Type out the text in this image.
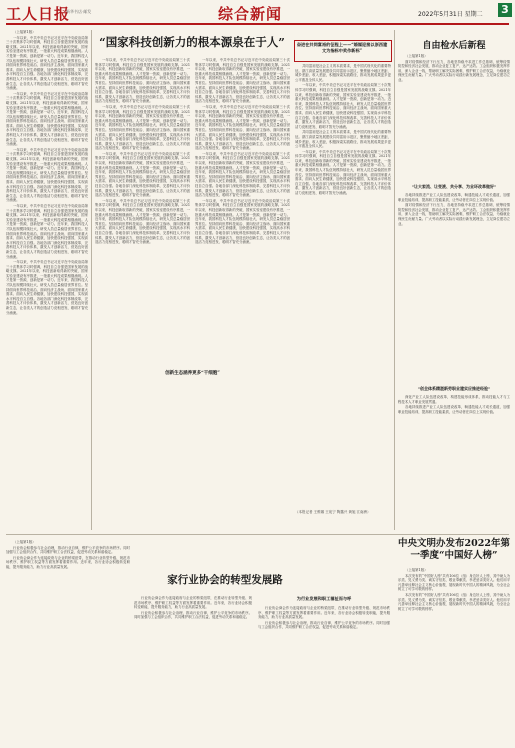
工人日报
新华书店·邮发	综合新闻	2022年5月31日 星期二 3

（上接第1版）

一年以来，中共中央总书记习近平在中央政治局第三十次集体学习时强调，科技自立自强是国家发展的战略支撑。2021年以来，科技创新取得新的突破，国家实验室建设有序推进，一批重大科技成果相继涌现。人才是第一资源，创新是第一动力。近年来，我国科技人才队伍规模持续壮大，研发人员总量稳居世界首位。坚持面向世界科技前沿、面向经济主战场、面向国家重大需求、面向人民生命健康，加快建设科技强国，实现高水平科技自立自强。各地各部门深化科技体制改革，完善科技人才评价体系，激发人才创新活力，营造良好创新生态，让各类人才的创造活力竞相迸发、聪明才智充分涌流。

一年以来，中共中央总书记习近平在中央政治局第三十次集体学习时强调，科技自立自强是国家发展的战略支撑。2021年以来，科技创新取得新的突破，国家实验室建设有序推进，一批重大科技成果相继涌现。人才是第一资源，创新是第一动力。近年来，我国科技人才队伍规模持续壮大，研发人员总量稳居世界首位。坚持面向世界科技前沿、面向经济主战场、面向国家重大需求、面向人民生命健康，加快建设科技强国，实现高水平科技自立自强。各地各部门深化科技体制改革，完善科技人才评价体系，激发人才创新活力，营造良好创新生态，让各类人才的创造活力竞相迸发、聪明才智充分涌流。

一年以来，中共中央总书记习近平在中央政治局第三十次集体学习时强调，科技自立自强是国家发展的战略支撑。2021年以来，科技创新取得新的突破，国家实验室建设有序推进，一批重大科技成果相继涌现。人才是第一资源，创新是第一动力。近年来，我国科技人才队伍规模持续壮大，研发人员总量稳居世界首位。坚持面向世界科技前沿、面向经济主战场、面向国家重大需求、面向人民生命健康，加快建设科技强国，实现高水平科技自立自强。各地各部门深化科技体制改革，完善科技人才评价体系，激发人才创新活力，营造良好创新生态，让各类人才的创造活力竞相迸发、聪明才智充分涌流。

一年以来，中共中央总书记习近平在中央政治局第三十次集体学习时强调，科技自立自强是国家发展的战略支撑。2021年以来，科技创新取得新的突破，国家实验室建设有序推进，一批重大科技成果相继涌现。人才是第一资源，创新是第一动力。近年来，我国科技人才队伍规模持续壮大，研发人员总量稳居世界首位。坚持面向世界科技前沿、面向经济主战场、面向国家重大需求、面向人民生命健康，加快建设科技强国，实现高水平科技自立自强。各地各部门深化科技体制改革，完善科技人才评价体系，激发人才创新活力，营造良好创新生态，让各类人才的创造活力竞相迸发、聪明才智充分涌流。

一年以来，中共中央总书记习近平在中央政治局第三十次集体学习时强调，科技自立自强是国家发展的战略支撑。2021年以来，科技创新取得新的突破，国家实验室建设有序推进，一批重大科技成果相继涌现。人才是第一资源，创新是第一动力。近年来，我国科技人才队伍规模持续壮大，研发人员总量稳居世界首位。坚持面向世界科技前沿、面向经济主战场、面向国家重大需求、面向人民生命健康，加快建设科技强国，实现高水平科技自立自强。各地各部门深化科技体制改革，完善科技人才评价体系，激发人才创新活力，营造良好创新生态，让各类人才的创造活力竞相迸发、聪明才智充分涌流。

“国家科技创新力的根本源泉在于人”

一年以来，中共中央总书记习近平在中央政治局第三十次集体学习时强调，科技自立自强是国家发展的战略支撑。2021年以来，科技创新取得新的突破，国家实验室建设有序推进，一批重大科技成果相继涌现。人才是第一资源，创新是第一动力。近年来，我国科技人才队伍规模持续壮大，研发人员总量稳居世界首位。坚持面向世界科技前沿、面向经济主战场、面向国家重大需求、面向人民生命健康，加快建设科技强国，实现高水平科技自立自强。各地各部门深化科技体制改革，完善科技人才评价体系，激发人才创新活力，营造良好创新生态，让各类人才的创造活力竞相迸发、聪明才智充分涌流。

一年以来，中共中央总书记习近平在中央政治局第三十次集体学习时强调，科技自立自强是国家发展的战略支撑。2021年以来，科技创新取得新的突破，国家实验室建设有序推进，一批重大科技成果相继涌现。人才是第一资源，创新是第一动力。近年来，我国科技人才队伍规模持续壮大，研发人员总量稳居世界首位。坚持面向世界科技前沿、面向经济主战场、面向国家重大需求、面向人民生命健康，加快建设科技强国，实现高水平科技自立自强。各地各部门深化科技体制改革，完善科技人才评价体系，激发人才创新活力，营造良好创新生态，让各类人才的创造活力竞相迸发、聪明才智充分涌流。

一年以来，中共中央总书记习近平在中央政治局第三十次集体学习时强调，科技自立自强是国家发展的战略支撑。2021年以来，科技创新取得新的突破，国家实验室建设有序推进，一批重大科技成果相继涌现。人才是第一资源，创新是第一动力。近年来，我国科技人才队伍规模持续壮大，研发人员总量稳居世界首位。坚持面向世界科技前沿、面向经济主战场、面向国家重大需求、面向人民生命健康，加快建设科技强国，实现高水平科技自立自强。各地各部门深化科技体制改革，完善科技人才评价体系，激发人才创新活力，营造良好创新生态，让各类人才的创造活力竞相迸发、聪明才智充分涌流。

一年以来，中共中央总书记习近平在中央政治局第三十次集体学习时强调，科技自立自强是国家发展的战略支撑。2021年以来，科技创新取得新的突破，国家实验室建设有序推进，一批重大科技成果相继涌现。人才是第一资源，创新是第一动力。近年来，我国科技人才队伍规模持续壮大，研发人员总量稳居世界首位。坚持面向世界科技前沿、面向经济主战场、面向国家重大需求、面向人民生命健康，加快建设科技强国，实现高水平科技自立自强。各地各部门深化科技体制改革，完善科技人才评价体系，激发人才创新活力，营造良好创新生态，让各类人才的创造活力竞相迸发、聪明才智充分涌流。

一年以来，中共中央总书记习近平在中央政治局第三十次集体学习时强调，科技自立自强是国家发展的战略支撑。2021年以来，科技创新取得新的突破，国家实验室建设有序推进，一批重大科技成果相继涌现。人才是第一资源，创新是第一动力。近年来，我国科技人才队伍规模持续壮大，研发人员总量稳居世界首位。坚持面向世界科技前沿、面向经济主战场、面向国家重大需求、面向人民生命健康，加快建设科技强国，实现高水平科技自立自强。各地各部门深化科技体制改革，完善科技人才评价体系，激发人才创新活力，营造良好创新生态，让各类人才的创造活力竞相迸发、聪明才智充分涌流。

一年以来，中共中央总书记习近平在中央政治局第三十次集体学习时强调，科技自立自强是国家发展的战略支撑。2021年以来，科技创新取得新的突破，国家实验室建设有序推进，一批重大科技成果相继涌现。人才是第一资源，创新是第一动力。近年来，我国科技人才队伍规模持续壮大，研发人员总量稳居世界首位。坚持面向世界科技前沿、面向经济主战场、面向国家重大需求、面向人民生命健康，加快建设科技强国，实现高水平科技自立自强。各地各部门深化科技体制改革，完善科技人才评价体系，激发人才创新活力，营造良好创新生态，让各类人才的创造活力竞相迸发、聪明才智充分涌流。

一年以来，中共中央总书记习近平在中央政治局第三十次集体学习时强调，科技自立自强是国家发展的战略支撑。2021年以来，科技创新取得新的突破，国家实验室建设有序推进，一批重大科技成果相继涌现。人才是第一资源，创新是第一动力。近年来，我国科技人才队伍规模持续壮大，研发人员总量稳居世界首位。坚持面向世界科技前沿、面向经济主战场、面向国家重大需求、面向人民生命健康，加快建设科技强国，实现高水平科技自立自强。各地各部门深化科技体制改革，完善科技人才评价体系，激发人才创新活力，营造良好创新生态，让各类人才的创造活力竞相迸发、聪明才智充分涌流。

一年以来，中共中央总书记习近平在中央政治局第三十次集体学习时强调，科技自立自强是国家发展的战略支撑。2021年以来，科技创新取得新的突破，国家实验室建设有序推进，一批重大科技成果相继涌现。人才是第一资源，创新是第一动力。近年来，我国科技人才队伍规模持续壮大，研发人员总量稳居世界首位。坚持面向世界科技前沿、面向经济主战场、面向国家重大需求、面向人民生命健康，加快建设科技强国，实现高水平科技自立自强。各地各部门深化科技体制改革，完善科技人才评价体系，激发人才创新活力，营造良好创新生态，让各类人才的创造活力竞相迸发、聪明才智充分涌流。

创新生态涵养更多“干细胞”
奋进在共同富裕的征程上——“婚媒迎接以浙西建文为指标中奖作新标”

共同富裕是社会主义的本质要求，是中国式现代化的重要特征。浙江高质量发展建设共同富裕示范区，聚焦缩小地区差距、城乡差距、收入差距，积极探索实践路径，推动发展成果更多更公平惠及全体人民。

一年以来，中共中央总书记习近平在中央政治局第三十次集体学习时强调，科技自立自强是国家发展的战略支撑。2021年以来，科技创新取得新的突破，国家实验室建设有序推进，一批重大科技成果相继涌现。人才是第一资源，创新是第一动力。近年来，我国科技人才队伍规模持续壮大，研发人员总量稳居世界首位。坚持面向世界科技前沿、面向经济主战场、面向国家重大需求、面向人民生命健康，加快建设科技强国，实现高水平科技自立自强。各地各部门深化科技体制改革，完善科技人才评价体系，激发人才创新活力，营造良好创新生态，让各类人才的创造活力竞相迸发、聪明才智充分涌流。

共同富裕是社会主义的本质要求，是中国式现代化的重要特征。浙江高质量发展建设共同富裕示范区，聚焦缩小地区差距、城乡差距、收入差距，积极探索实践路径，推动发展成果更多更公平惠及全体人民。

一年以来，中共中央总书记习近平在中央政治局第三十次集体学习时强调，科技自立自强是国家发展的战略支撑。2021年以来，科技创新取得新的突破，国家实验室建设有序推进，一批重大科技成果相继涌现。人才是第一资源，创新是第一动力。近年来，我国科技人才队伍规模持续壮大，研发人员总量稳居世界首位。坚持面向世界科技前沿、面向经济主战场、面向国家重大需求、面向人民生命健康，加快建设科技强国，实现高水平科技自立自强。各地各部门深化科技体制改革，完善科技人才评价体系，激发人才创新活力，营造良好创新生态，让各类人才的创造活力竞相迸发、聪明才智充分涌流。

（本报记者 王维娜 王宛宁 陶鑫兴 黄旭 江南洲）
自由检水后新程

（上接第1版）

面对疫情和经济下行压力，各地坚持稳中求进工作总基调，统筹疫情防控和经济社会发展，推动企业复工复产、达产达效。工会组织积极发挥作用，深入企业一线，帮助职工解决实际困难，维护职工合法权益，为稳就业保民生贡献力量。广大劳动者以实际行动践行新发展理念，立足岗位建功立业。

“让大家流、让变液、共分享、为业环改革做好”

各地持续推进产业工人队伍建设改革，畅通技能人才成长通道，加强职业技能培训，提高职工技能素质，让劳动者在岗位上实现价值。

面对疫情和经济下行压力，各地坚持稳中求进工作总基调，统筹疫情防控和经济社会发展，推动企业复工复产、达产达效。工会组织积极发挥作用，深入企业一线，帮助职工解决实际困难，维护职工合法权益，为稳就业保民生贡献力量。广大劳动者以实际行动践行新发展理念，立足岗位建功立业。

“创全体系精湛新劳职业建实应推进经验”

深化产业工人队伍建设改革，构建技能形成体系，推动技能人才与工程技术人才职业发展贯通。

各地持续推进产业工人队伍建设改革，畅通技能人才成长通道，加强职业技能培训，提高职工技能素质，让劳动者在岗位上实现价值。

（上接第1版）

行业协会积极参与社会治理，推动行业自律，维护公平竞争的市场秩序。同时加强与工会组织合作，共同维护职工合法权益，促进劳动关系和谐稳定。

行业协会商会作为连接政府与企业的桥梁纽带，在推动行业转型升级、规范市场秩序、维护职工权益等方面发挥着重要作用。近年来，各行业协会积极转变职能，提升服务能力，助力行业高质量发展。

家行业协会的转型发展路

行业协会商会作为连接政府与企业的桥梁纽带，在推动行业转型升级、规范市场秩序、维护职工权益等方面发挥着重要作用。近年来，各行业协会积极转变职能，提升服务能力，助力行业高质量发展。

行业协会积极参与社会治理，推动行业自律，维护公平竞争的市场秩序。同时加强与工会组织合作，共同维护职工合法权益，促进劳动关系和谐稳定。

为行业发展和职工福祉而与呼

行业协会商会作为连接政府与企业的桥梁纽带，在推动行业转型升级、规范市场秩序、维护职工权益等方面发挥着重要作用。近年来，各行业协会积极转变职能，提升服务能力，助力行业高质量发展。

行业协会积极参与社会治理，推动行业自律，维护公平竞争的市场秩序。同时加强与工会组织合作，共同维护职工合法权益，促进劳动关系和谐稳定。

中央文明办发布2022年第一季度“中国好人榜”

（上接第1版）

本次发布的“中国好人榜”共有106位（组）身边好人上榜，其中助人为乐类、见义勇为类、诚实守信类、敬业奉献类、孝老爱亲类好人。他们用平凡善举诠释社会主义核心价值观，展现新时代中国人的精神风貌，为全社会树立了可学可敬的榜样。

本次发布的“中国好人榜”共有106位（组）身边好人上榜，其中助人为乐类、见义勇为类、诚实守信类、敬业奉献类、孝老爱亲类好人。他们用平凡善举诠释社会主义核心价值观，展现新时代中国人的精神风貌，为全社会树立了可学可敬的榜样。
